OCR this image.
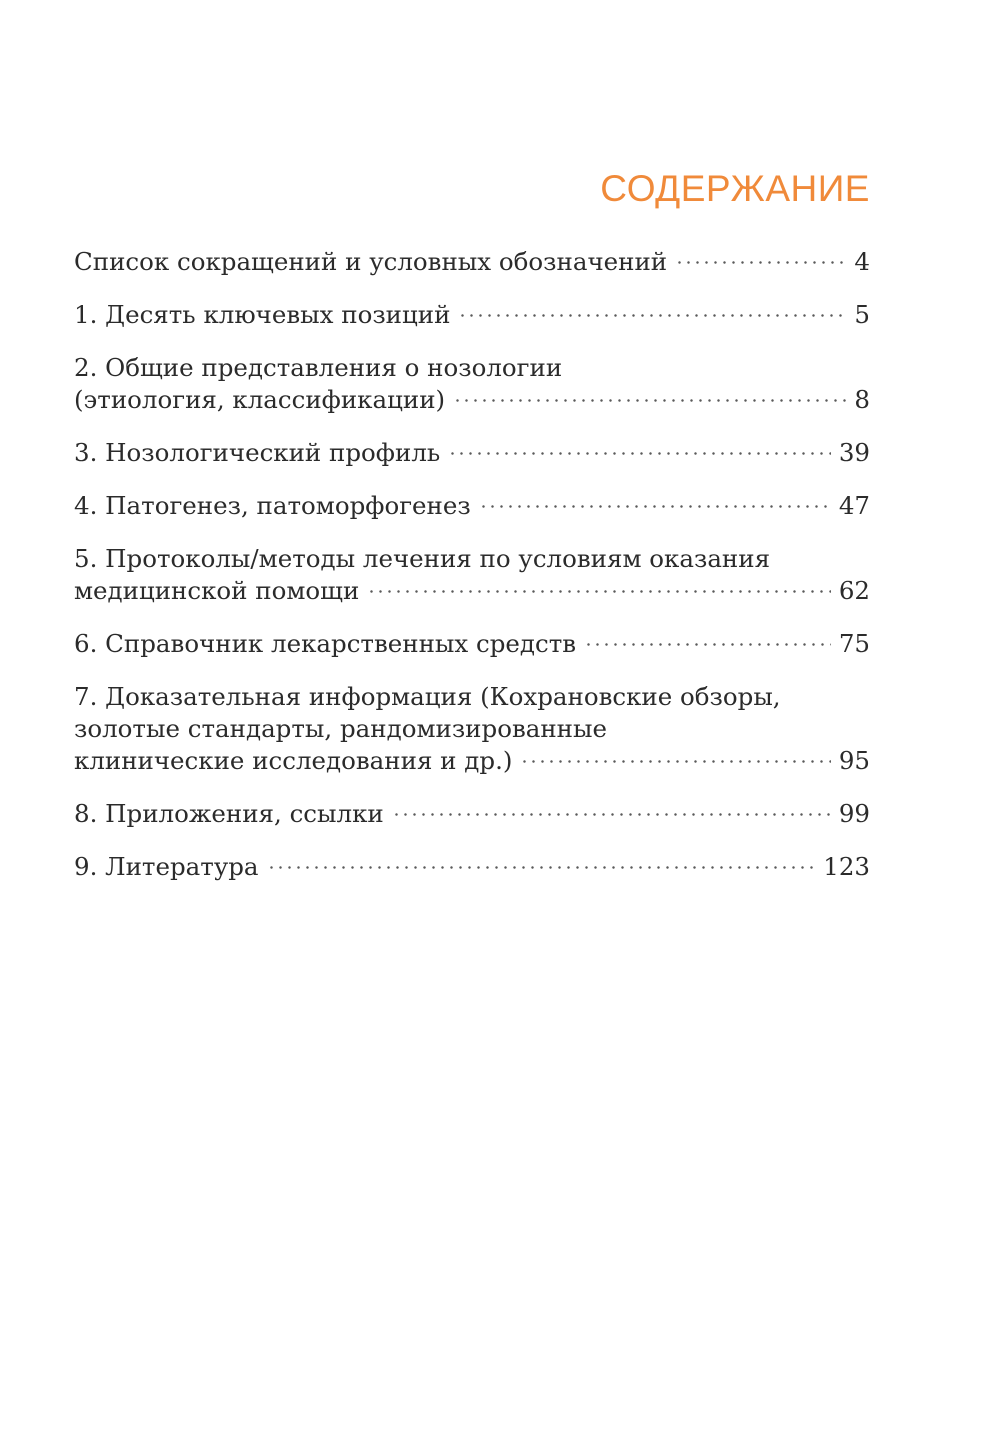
СОДЕРЖАНИЕ
Список сокращений и условных обозначений	4
1. Десять ключевых позиций	5
2. Общие представления о нозологии
(этиология, классификации)	8
3. Нозологический профиль	39
4. Патогенез, патоморфогенез	47
5. Протоколы/методы лечения по условиям оказания
медицинской помощи	62
6. Справочник лекарственных средств	75
7. Доказательная информация (Кохрановские обзоры,
золотые стандарты, рандомизированные
клинические исследования и др.)	95
8. Приложения, ссылки	99
9. Литература	123
